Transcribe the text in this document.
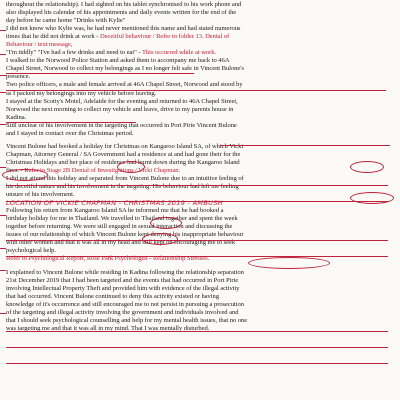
throughout the relationship). I had sighted on his tablet synchronised to his work phone and

also displayed his calendar of his appointments and daily events written for the end of the

day before he came home "Drinks with Kylie"

I did not know who Kylie was, he had never mentioned this name and had stated numerous

times that he did not drink at work - Deceitful behaviour / Refer to folder 13. Denial of

Behaviour / text message,

"I'm tiddly" "I've had a few drinks and need to eat" - This occurred while at work.

I walked to the Norwood Police Station and asked them to accompany me back to 46A

Chapel Street, Norwood to collect my belongings as I no longer felt safe in Vincent Bulone's

presence.

Two police officers, a male and female arrived at 46A Chapel Street, Norwood and stood by

as I packed my belongings into my vehicle before leaving.

I stayed at the Scotty's Motel, Adelaide for the evening and returned to 46A Chapel Street,

Norwood the next morning to collect my vehicle and leave, drive to my parents house in

Kadina.

Still unclear of his involvement in the targeting that occurred in Port Pirie Vincent Bulone

and I stayed in contact over the Christmas period.

Vincent Bulone had booked a holiday for Christmas on Kangaroo Island SA, of which Vicki

Chapman, Attorney General / SA Government had a residence at and had gone their for the

Christmas Holidays and her place of residence had burnt down during the Kangaroo Island

fires. - Refer to Stage 2B Denial of Investigations / Vicki Chapman.

I did not attend this holiday and separated from Vincent Bulone due to an intuitive feeling of

his deceitful nature and his involvement in the targeting. His behaviour had left me feeling

unsure of his involvement.

LOCATION OF VICKIE CHAPMAN - CHRISTMAS 2019 - AMBUSH

Following his return from Kangaroo Island SA he informed me that he had booked a

birthday holiday for me in Thailand. We travelled to Thailand together and spent the week

together before returning. We were still engaged in sexual interaction and discussing the

issues of our relationship of which Vincent Bulone kept denying his inappropriate behaviour

with other women and that it was all in my head and still kept on encouraging me to seek

psychological help.

Refer to Psychological Report, Rose Park Psychologist - Relationship Stresses.

I explained to Vincent Bulone while residing in Kadina following the relationship separation

21st December 2019 that I had been targeted and the events that had occurred in Port Pirie

involving Intellectual Property Theft and provided him with evidence of the illegal activity

that had occurred. Vincent Bulone continued to deny this activity existed or having

knowledge of it's occurrence and still encouraged me to not persist in pursuing a prosecution

of the targeting and illegal activity involving the government and individuals involved and

that I should seek psychological counselling and help for my mental health issues, that no one

was targeting me and that it was all in my mind. That I was mentally disturbed.
